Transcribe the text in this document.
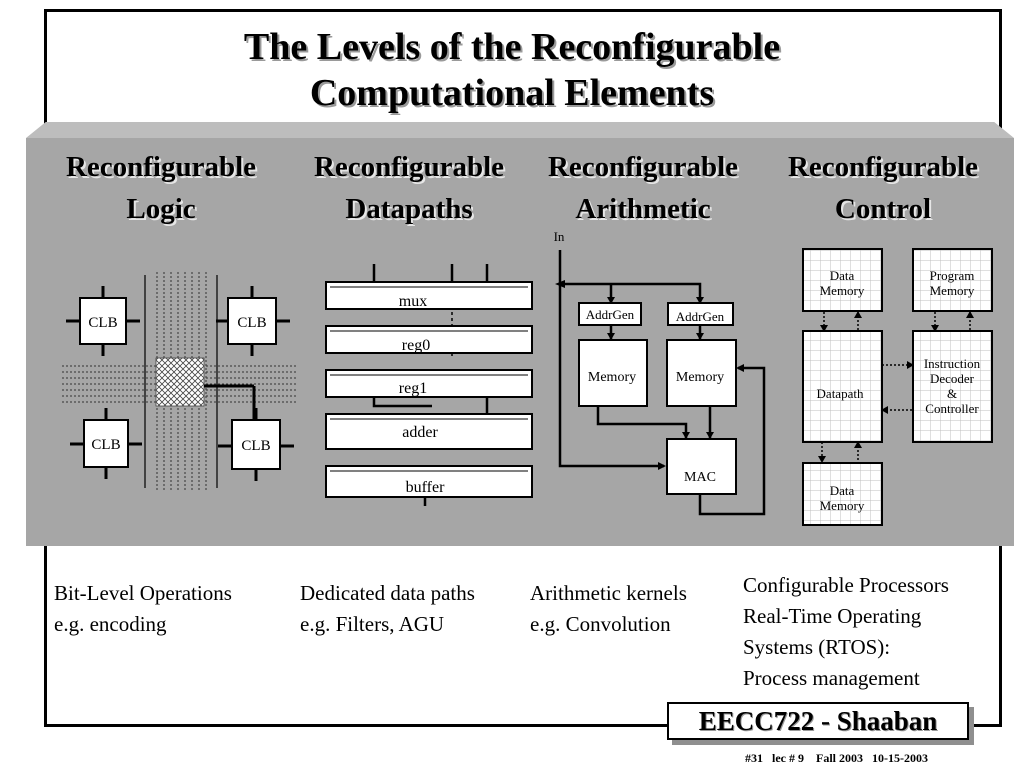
The Levels of the Reconfigurable
Computational Elements
Reconfigurable
Logic
Reconfigurable
Datapaths
Reconfigurable
Arithmetic
Reconfigurable
Control
CLB	CLB
CLB	CLB
mux
reg0
reg1
adder
buffer
In
AddrGen	AddrGen
Memory	Memory
MAC
Data Memory
Program Memory
Datapath
Instruction Decoder & Controller
Data Memory
Bit-Level Operations
e.g. encoding
Dedicated data paths
e.g. Filters, AGU
Arithmetic kernels
e.g. Convolution
Configurable Processors
Real-Time Operating
Systems (RTOS):
Process management
EECC722 - Shaaban
#31   lec # 9    Fall 2003   10-15-2003
